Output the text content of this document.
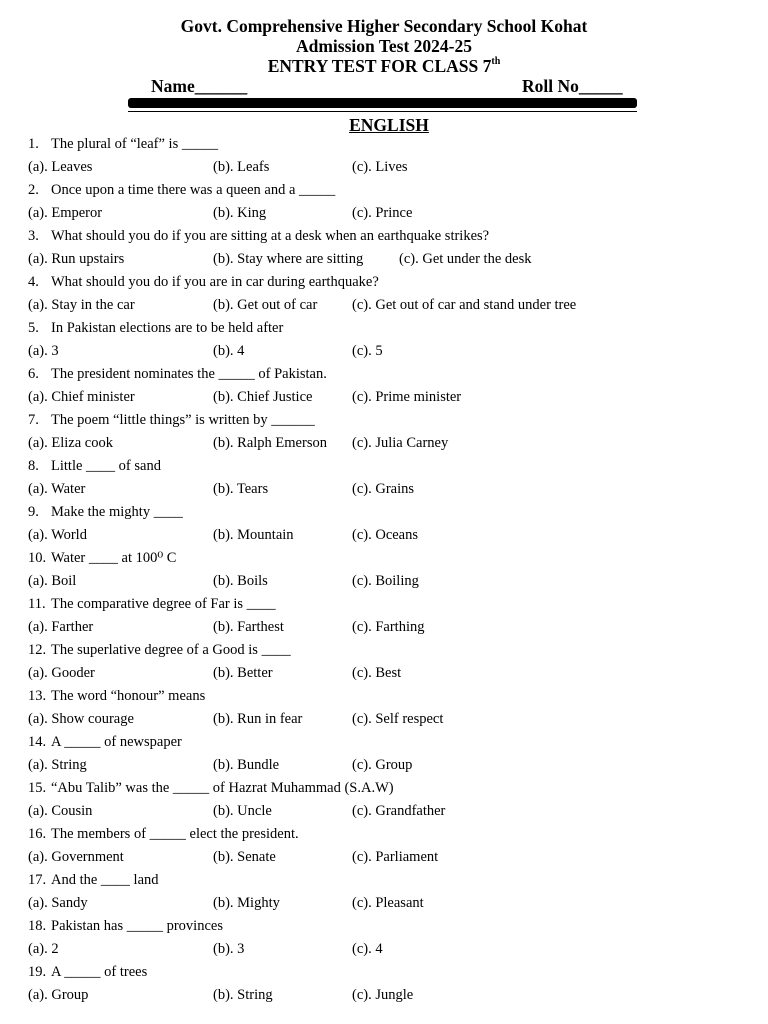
Govt. Comprehensive Higher Secondary School Kohat
Admission Test 2024-25
ENTRY TEST FOR CLASS 7th
Name______	Roll No_____
ENGLISH
1. The plural of “leaf” is _____
(a). Leaves	(b). Leafs	(c). Lives
2. Once upon a time there was a queen and a _____
(a). Emperor	(b). King	(c). Prince
3. What should you do if you are sitting at a desk when an earthquake strikes?
(a). Run upstairs	(b). Stay where are sitting (c). Get under the desk
4. What should you do if you are in car during earthquake?
(a). Stay in the car	(b). Get out of car (c). Get out of car and stand under tree
5. In Pakistan elections are to be held after
(a). 3	(b). 4	(c). 5
6. The president nominates the _____ of Pakistan.
(a). Chief minister	(b). Chief Justice	(c). Prime minister
7. The poem “little things” is written by ______
(a). Eliza cook	(b). Ralph Emerson (c). Julia Carney
8. Little ____ of sand
(a). Water	(b). Tears	(c). Grains
9. Make the mighty ____
(a). World	(b). Mountain	(c). Oceans
10. Water ____ at 100⁰ C
(a). Boil	(b). Boils	(c). Boiling
11. The comparative degree of Far is ____
(a). Farther	(b). Farthest	(c). Farthing
12. The superlative degree of a Good is ____
(a). Gooder	(b). Better	(c). Best
13. The word “honour” means
(a). Show courage	(b). Run in fear	(c). Self respect
14. A _____ of newspaper
(a). String	(b). Bundle	(c). Group
15. “Abu Talib” was the _____ of Hazrat Muhammad (S.A.W)
(a). Cousin	(b). Uncle	(c). Grandfather
16. The members of _____ elect the president.
(a). Government	(b). Senate	(c). Parliament
17. And the ____ land
(a). Sandy	(b). Mighty	(c). Pleasant
18. Pakistan has _____ provinces
(a). 2	(b). 3	(c). 4
19. A _____ of trees
(a). Group	(b). String	(c). Jungle
